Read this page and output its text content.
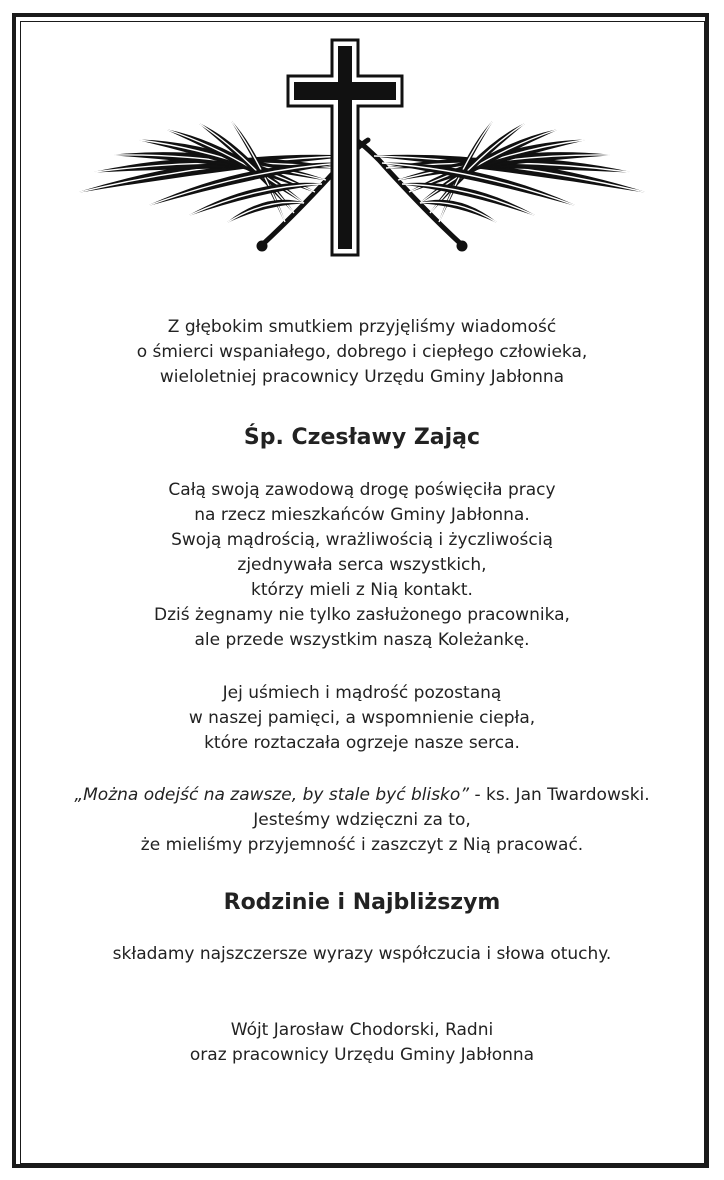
Z głębokim smutkiem przyjęliśmy wiadomość
o śmierci wspaniałego, dobrego i ciepłego człowieka,
wieloletniej pracownicy Urzędu Gminy Jabłonna
Śp. Czesławy Zając
Całą swoją zawodową drogę poświęciła pracy
na rzecz mieszkańców Gminy Jabłonna.
Swoją mądrością, wrażliwością i życzliwością
zjednywała serca wszystkich,
którzy mieli z Nią kontakt.
Dziś żegnamy nie tylko zasłużonego pracownika,
ale przede wszystkim naszą Koleżankę.
Jej uśmiech i mądrość pozostaną
w naszej pamięci, a wspomnienie ciepła,
które roztaczała ogrzeje nasze serca.
„Można odejść na zawsze, by stale być blisko” - ks. Jan Twardowski.
Jesteśmy wdzięczni za to,
że mieliśmy przyjemność i zaszczyt z Nią pracować.
Rodzinie i Najbliższym
składamy najszczersze wyrazy współczucia i słowa otuchy.
Wójt Jarosław Chodorski, Radni
oraz pracownicy Urzędu Gminy Jabłonna
